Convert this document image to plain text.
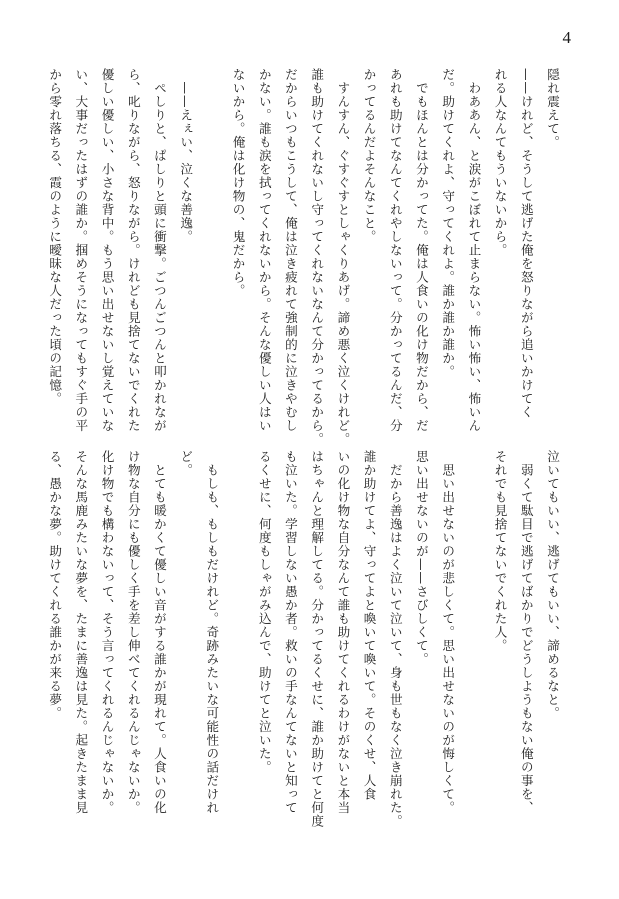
4
隠れ震えて。
——けれど、そうして逃げた俺を怒りながら追いかけてく
れる人なんてもういないから。
　わああん、と涙がこぼれて止まらない。怖い怖い、怖いん
だ。助けてくれよ、守ってくれよ。誰か誰か誰か。
　でもほんとは分かってた。俺は人食いの化け物だから、だ
あれも助けてなんてくれやしないって。分かってるんだ、分
かってるんだよそんなこと。
　すんすん、ぐすぐすとしゃくりあげ。諦め悪く泣くけれど。
誰も助けてくれないし守ってくれないなんて分かってるから。
だからいつもこうして、俺は泣き疲れて強制的に泣きやむし
かない。誰も涙を拭ってくれないから。そんな優しい人はい
ないから。俺は化け物の、鬼だから。

　——えぇい、泣くな善逸。
　ぺしりと、ぱしりと頭に衝撃。ごつんごつんと叩かれなが
ら、叱りながら、怒りながら。けれども見捨てないでくれた
優しい優しい、小さな背中。もう思い出せないし覚えていな
い、大事だったはずの誰か。掴めそうになってもすぐ手の平
から零れ落ちる、霞のように曖昧な人だった頃の記憶。
泣いてもいい、逃げてもいい、諦めるなと。
　弱くて駄目で逃げてばかりでどうしようもない俺の事を、
それでも見捨てないでくれた人。

　思い出せないのが悲しくて。思い出せないのが悔しくて。
思い出せないのが——さびしくて。
　だから善逸はよく泣いて泣いて、身も世もなく泣き崩れた。
誰か助けてよ、守ってよと喚いて喚いて。そのくせ、人食
いの化け物な自分なんて誰も助けてくれるわけがないと本当
はちゃんと理解してる。分かってるくせに、誰か助けてと何度
も泣いた。学習しない愚か者。救いの手なんてないと知って
るくせに、何度もしゃがみ込んで、助けてと泣いた。

　もしも、もしもだけれど。奇跡みたいな可能性の話だけれ
ど。
　とても暖かくて優しい音がする誰かが現れて。人食いの化
け物な自分にも優しく手を差し伸べてくれるんじゃないか。
化け物でも構わないって、そう言ってくれるんじゃないか。
そんな馬鹿みたいな夢を、たまに善逸は見た。起きたまま見
る、愚かな夢。助けてくれる誰かが来る夢。
